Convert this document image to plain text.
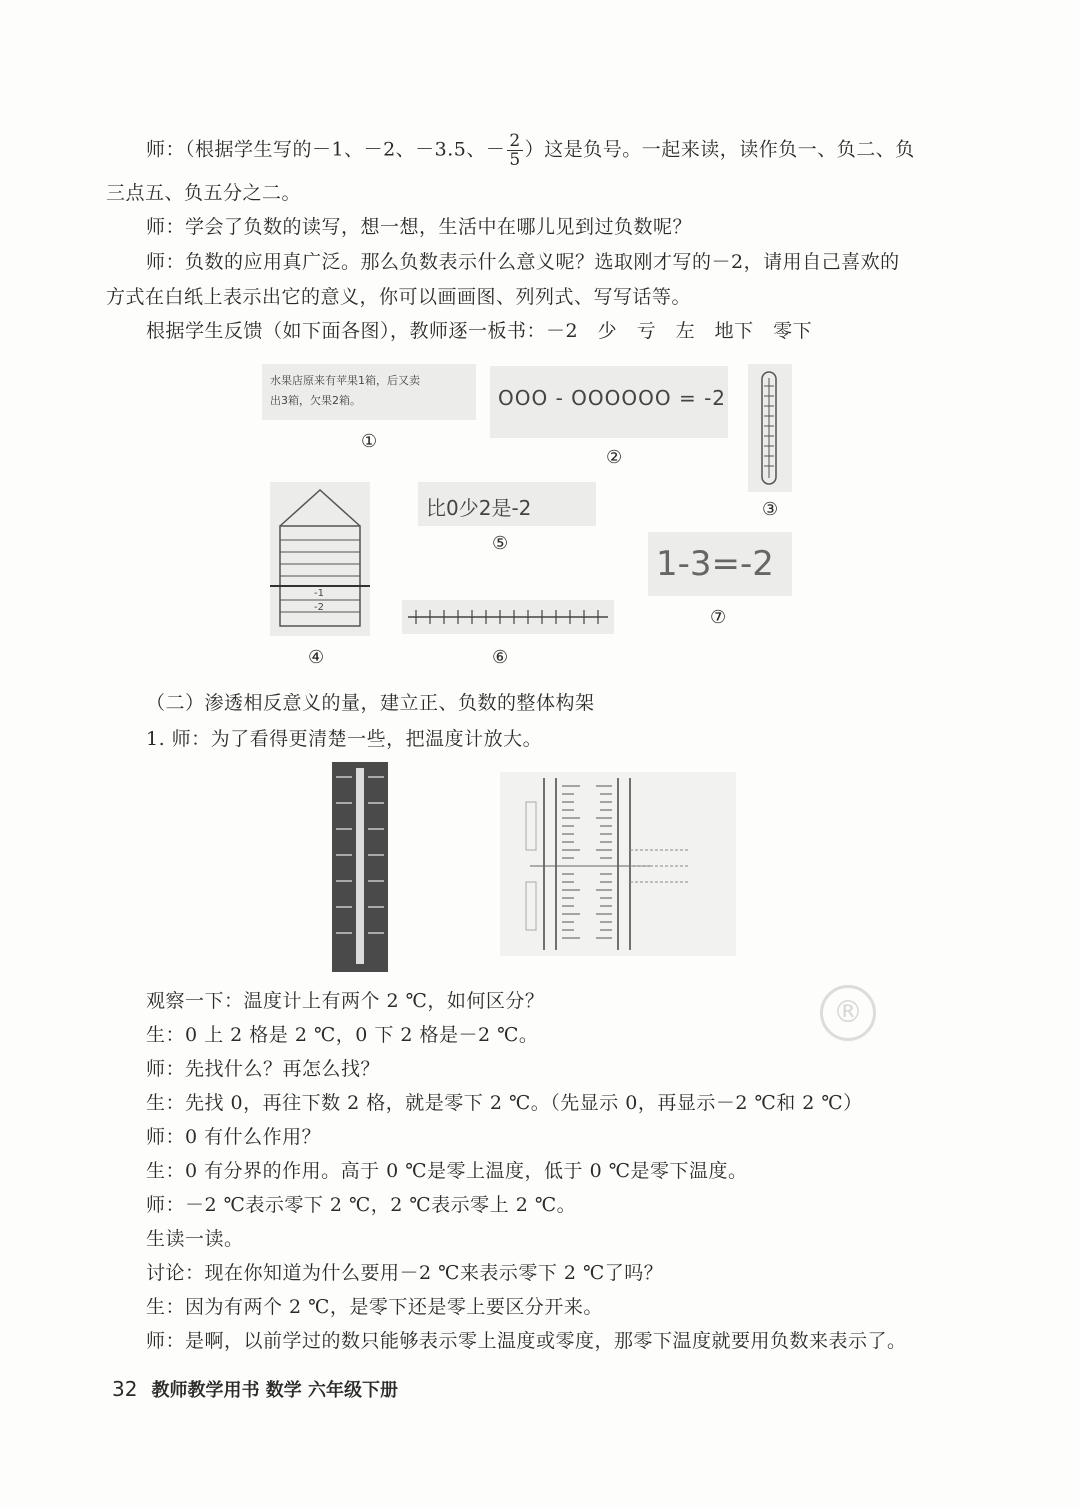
师：（根据学生写的－1、－2、－3.5、－ $\frac{2}{5}$ ）这是负号。一起来读，读作负一、负二、负
三点五、负五分之二。
师：学会了负数的读写，想一想，生活中在哪儿见到过负数呢？
师：负数的应用真广泛。那么负数表示什么意义呢？选取刚才写的－2，请用自己喜欢的
方式在白纸上表示出它的意义，你可以画画图、列列式、写写话等。
根据学生反馈（如下面各图），教师逐一板书：－2　少　亏　左　地下　零下
水果店原来有苹果1箱，后又卖
出3箱，欠果2箱。
①
OOO - OOOOOO = -2
②
③
-1
-2
④
比0少2是-2
⑤
⑥
1-3=-2
⑦
（二）渗透相反意义的量，建立正、负数的整体构架
1. 师：为了看得更清楚一些，把温度计放大。
观察一下：温度计上有两个 2 ℃，如何区分？
生：0 上 2 格是 2 ℃，0 下 2 格是－2 ℃。
师：先找什么？再怎么找？
生：先找 0，再往下数 2 格，就是零下 2 ℃。（先显示 0，再显示－2 ℃和 2 ℃）
师：0 有什么作用？
生：0 有分界的作用。高于 0 ℃是零上温度，低于 0 ℃是零下温度。
师：－2 ℃表示零下 2 ℃，2 ℃表示零上 2 ℃。
生读一读。
讨论：现在你知道为什么要用－2 ℃来表示零下 2 ℃了吗？
生：因为有两个 2 ℃，是零下还是零上要区分开来。
师：是啊，以前学过的数只能够表示零上温度或零度，那零下温度就要用负数来表示了。
®
32 教师教学用书 数学 六年级下册
